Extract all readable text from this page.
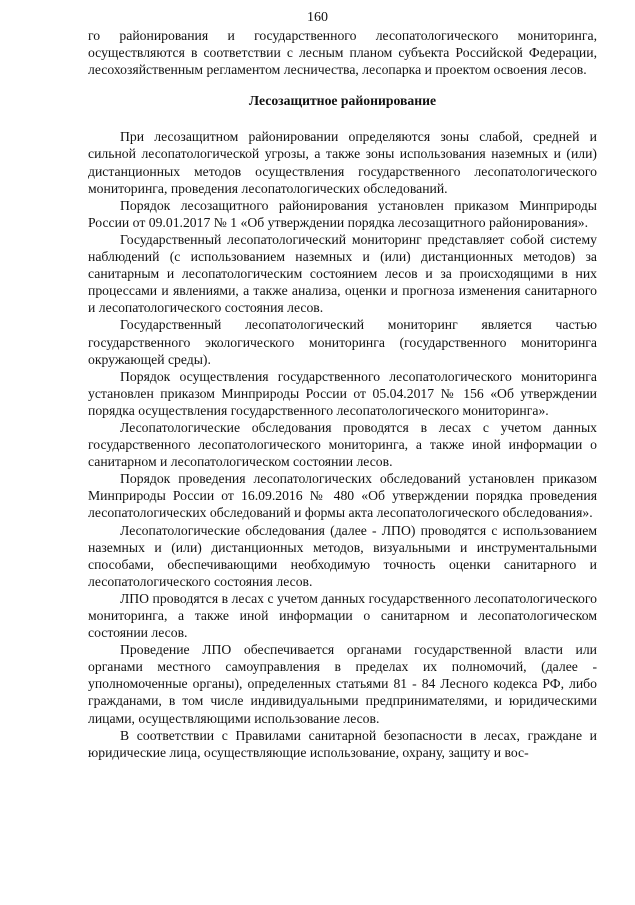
160

го районирования и государственного лесопатологического мониторинга, осуществляются в соответствии с лесным планом субъекта Российской Федерации, лесохозяйственным регламентом лесничества, лесопарка и проектом освоения лесов.

Лесозащитное районирование

При лесозащитном районировании определяются зоны слабой, средней и сильной лесопатологической угрозы, а также зоны использования наземных и (или) дистанционных методов осуществления государственного лесопатологического мониторинга, проведения лесопатологических обследований.

Порядок лесозащитного районирования установлен приказом Минприроды России от 09.01.2017 № 1 «Об утверждении порядка лесозащитного районирования».

Государственный лесопатологический мониторинг представляет собой систему наблюдений (с использованием наземных и (или) дистанционных методов) за санитарным и лесопатологическим состоянием лесов и за происходящими в них процессами и явлениями, а также анализа, оценки и прогноза изменения санитарного и лесопатологического состояния лесов.

Государственный лесопатологический мониторинг является частью государственного экологического мониторинга (государственного мониторинга окружающей среды).

Порядок осуществления государственного лесопатологического мониторинга установлен приказом Минприроды России от 05.04.2017 № 156 «Об утверждении порядка осуществления государственного лесопатологического мониторинга».

Лесопатологические обследования проводятся в лесах с учетом данных государственного лесопатологического мониторинга, а также иной информации о санитарном и лесопатологическом состоянии лесов.

Порядок проведения лесопатологических обследований установлен приказом Минприроды России от 16.09.2016 № 480 «Об утверждении порядка проведения лесопатологических обследований и формы акта лесопатологического обследования».

Лесопатологические обследования (далее - ЛПО) проводятся с использованием наземных и (или) дистанционных методов, визуальными и инструментальными способами, обеспечивающими необходимую точность оценки санитарного и лесопатологического состояния лесов.

ЛПО проводятся в лесах с учетом данных государственного лесопатологического мониторинга, а также иной информации о санитарном и лесопатологическом состоянии лесов.

Проведение ЛПО обеспечивается органами государственной власти или органами местного самоуправления в пределах их полномочий, (далее - уполномоченные органы), определенных статьями 81 - 84 Лесного кодекса РФ, либо гражданами, в том числе индивидуальными предпринимателями, и юридическими лицами, осуществляющими использование лесов.

В соответствии с Правилами санитарной безопасности в лесах, граждане и юридические лица, осуществляющие использование, охрану, защиту и вос-
